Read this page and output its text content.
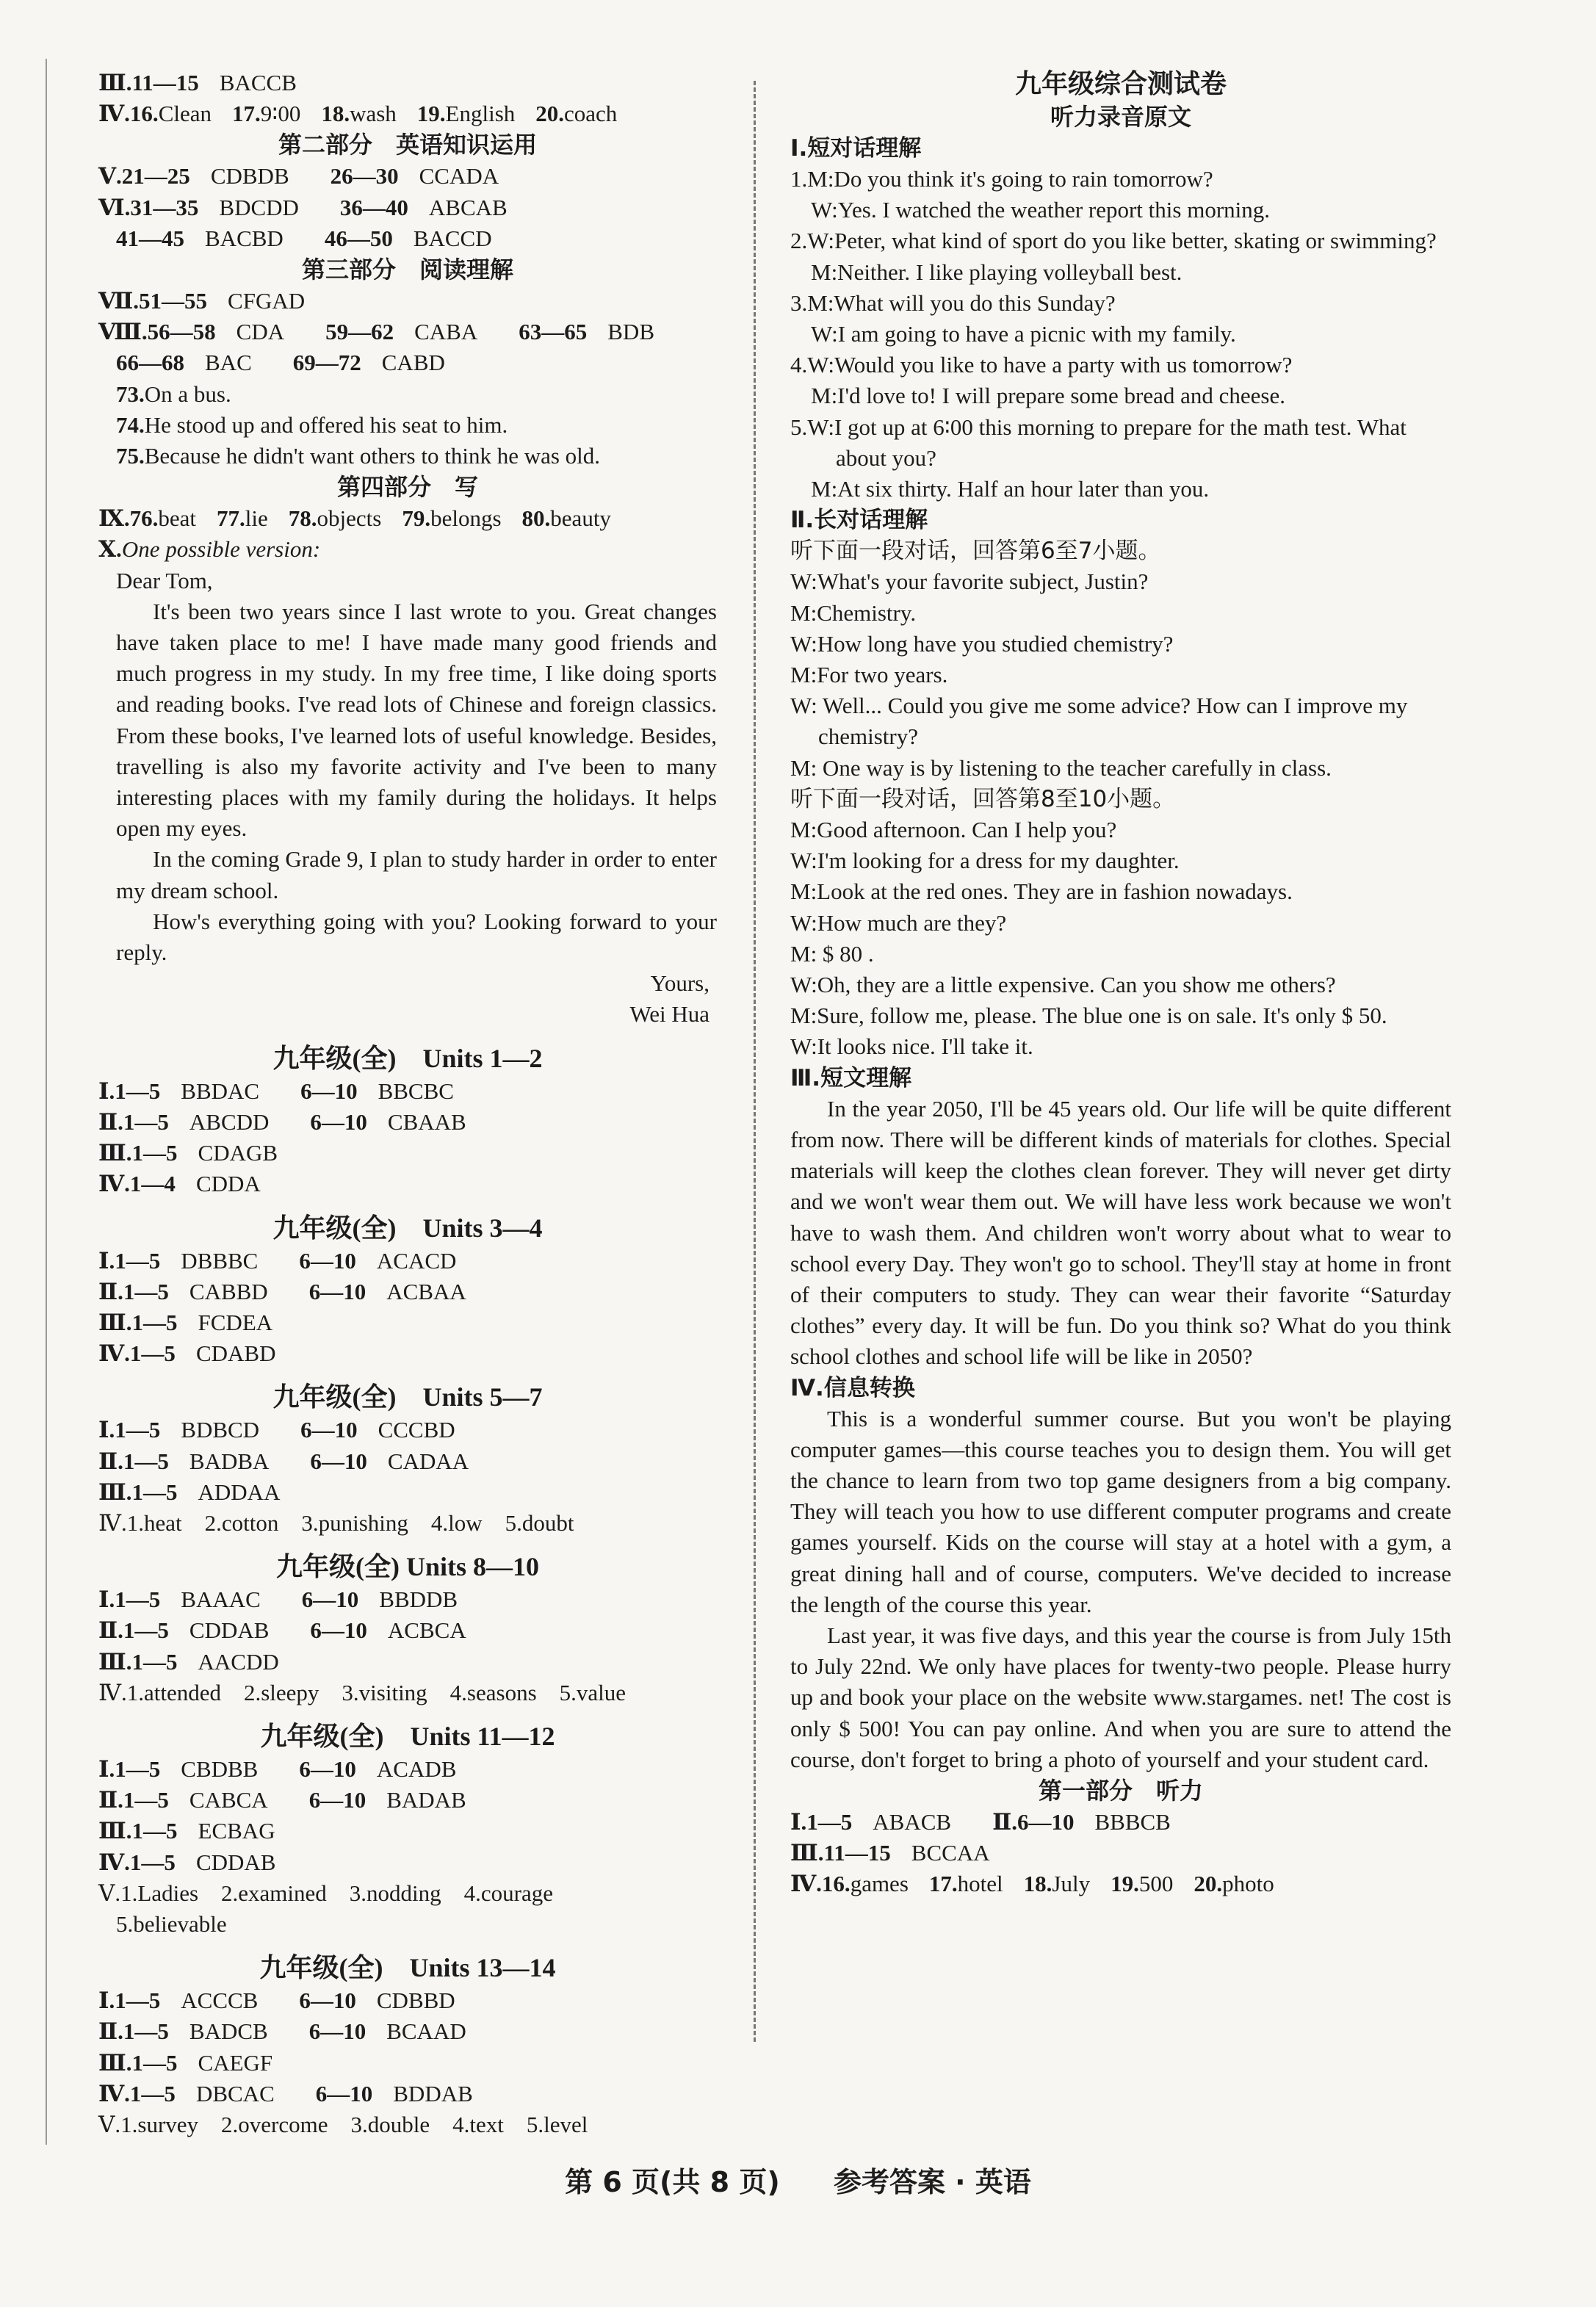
Ⅲ.11—15 BACCB
Ⅳ.16.Clean 17.9∶00 18.wash 19.English 20.coach
第二部分　英语知识运用
Ⅴ.21—25 CDBDB 26—30 CCADA
Ⅵ.31—35 BDCDD 36—40 ABCAB
41—45 BACBD 46—50 BACCD
第三部分　阅读理解
Ⅶ.51—55 CFGAD
Ⅷ.56—58 CDA 59—62 CABA 63—65 BDB
66—68 BAC 69—72 CABD
73.On a bus.
74.He stood up and offered his seat to him.
75.Because he didn't want others to think he was old.
第四部分　写
Ⅸ.76.beat 77.lie 78.objects 79.belongs 80.beauty
Ⅹ.One possible version:
Dear Tom,
It's been two years since I last wrote to you. Great changes have taken place to me! I have made many good friends and much progress in my study. In my free time, I like doing sports and reading books. I've read lots of Chinese and foreign classics. From these books, I've learned lots of useful knowledge. Besides, travelling is also my favorite activity and I've been to many interesting places with my family during the holidays. It helps open my eyes.
In the coming Grade 9, I plan to study harder in order to enter my dream school.
How's everything going with you? Looking forward to your reply.
Yours,
Wei Hua
九年级(全)　Units 1—2
Ⅰ.1—5 BBDAC 6—10 BBCBC
Ⅱ.1—5 ABCDD 6—10 CBAAB
Ⅲ.1—5 CDAGB
Ⅳ.1—4 CDDA
九年级(全)　Units 3—4
Ⅰ.1—5 DBBBC 6—10 ACACD
Ⅱ.1—5 CABBD 6—10 ACBAA
Ⅲ.1—5 FCDEA
Ⅳ.1—5 CDABD
九年级(全)　Units 5—7
Ⅰ.1—5 BDBCD 6—10 CCCBD
Ⅱ.1—5 BADBA 6—10 CADAA
Ⅲ.1—5 ADDAA
Ⅳ.1.heat　2.cotton　3.punishing　4.low　5.doubt
九年级(全) Units 8—10
Ⅰ.1—5 BAAAC 6—10 BBDDB
Ⅱ.1—5 CDDAB 6—10 ACBCA
Ⅲ.1—5 AACDD
Ⅳ.1.attended　2.sleepy　3.visiting　4.seasons　5.value
九年级(全)　Units 11—12
Ⅰ.1—5 CBDBB 6—10 ACADB
Ⅱ.1—5 CABCA 6—10 BADAB
Ⅲ.1—5 ECBAG
Ⅳ.1—5 CDDAB
Ⅴ.1.Ladies　2.examined　3.nodding　4.courage
5.believable
九年级(全)　Units 13—14
Ⅰ.1—5 ACCCB 6—10 CDBBD
Ⅱ.1—5 BADCB 6—10 BCAAD
Ⅲ.1—5 CAEGF
Ⅳ.1—5 DBCAC 6—10 BDDAB
Ⅴ.1.survey　2.overcome　3.double　4.text　5.level
九年级综合测试卷
听力录音原文
Ⅰ.短对话理解
1.M:Do you think it's going to rain tomorrow?
W:Yes. I watched the weather report this morning.
2.W:Peter, what kind of sport do you like better, skating or swimming?
M:Neither. I like playing volleyball best.
3.M:What will you do this Sunday?
W:I am going to have a picnic with my family.
4.W:Would you like to have a party with us tomorrow?
M:I'd love to! I will prepare some bread and cheese.
5.W:I got up at 6∶00 this morning to prepare for the math test. What about you?
M:At six thirty. Half an hour later than you.
Ⅱ.长对话理解
听下面一段对话，回答第6至7小题。
W:What's your favorite subject, Justin?
M:Chemistry.
W:How long have you studied chemistry?
M:For two years.
W: Well... Could you give me some advice? How can I improve my chemistry?
M: One way is by listening to the teacher carefully in class.
听下面一段对话，回答第8至10小题。
M:Good afternoon. Can I help you?
W:I'm looking for a dress for my daughter.
M:Look at the red ones. They are in fashion nowadays.
W:How much are they?
M: $ 80 .
W:Oh, they are a little expensive. Can you show me others?
M:Sure, follow me, please. The blue one is on sale. It's only $ 50.
W:It looks nice. I'll take it.
Ⅲ.短文理解
In the year 2050, I'll be 45 years old. Our life will be quite different from now. There will be different kinds of materials for clothes. Special materials will keep the clothes clean forever. They will never get dirty and we won't wear them out. We will have less work because we won't have to wash them. And children won't worry about what to wear to school every Day. They won't go to school. They'll stay at home in front of their computers to study. They can wear their favorite “Saturday clothes” every day. It will be fun. Do you think so? What do you think school clothes and school life will be like in 2050?
Ⅳ.信息转换
This is a wonderful summer course. But you won't be playing computer games—this course teaches you to design them. You will get the chance to learn from two top game designers from a big company. They will teach you how to use different computer programs and create games yourself. Kids on the course will stay at a hotel with a gym, a great dining hall and of course, computers. We've decided to increase the length of the course this year.
Last year, it was five days, and this year the course is from July 15th to July 22nd. We only have places for twenty-two people. Please hurry up and book your place on the website www.stargames. net! The cost is only $ 500! You can pay online. And when you are sure to attend the course, don't forget to bring a photo of yourself and your student card.
第一部分　听力
Ⅰ.1—5 ABACB Ⅱ.6—10 BBBCB
Ⅲ.11—15 BCCAA
Ⅳ.16.games 17.hotel 18.July 19.500 20.photo
第 6 页(共 8 页) 参考答案 · 英语
